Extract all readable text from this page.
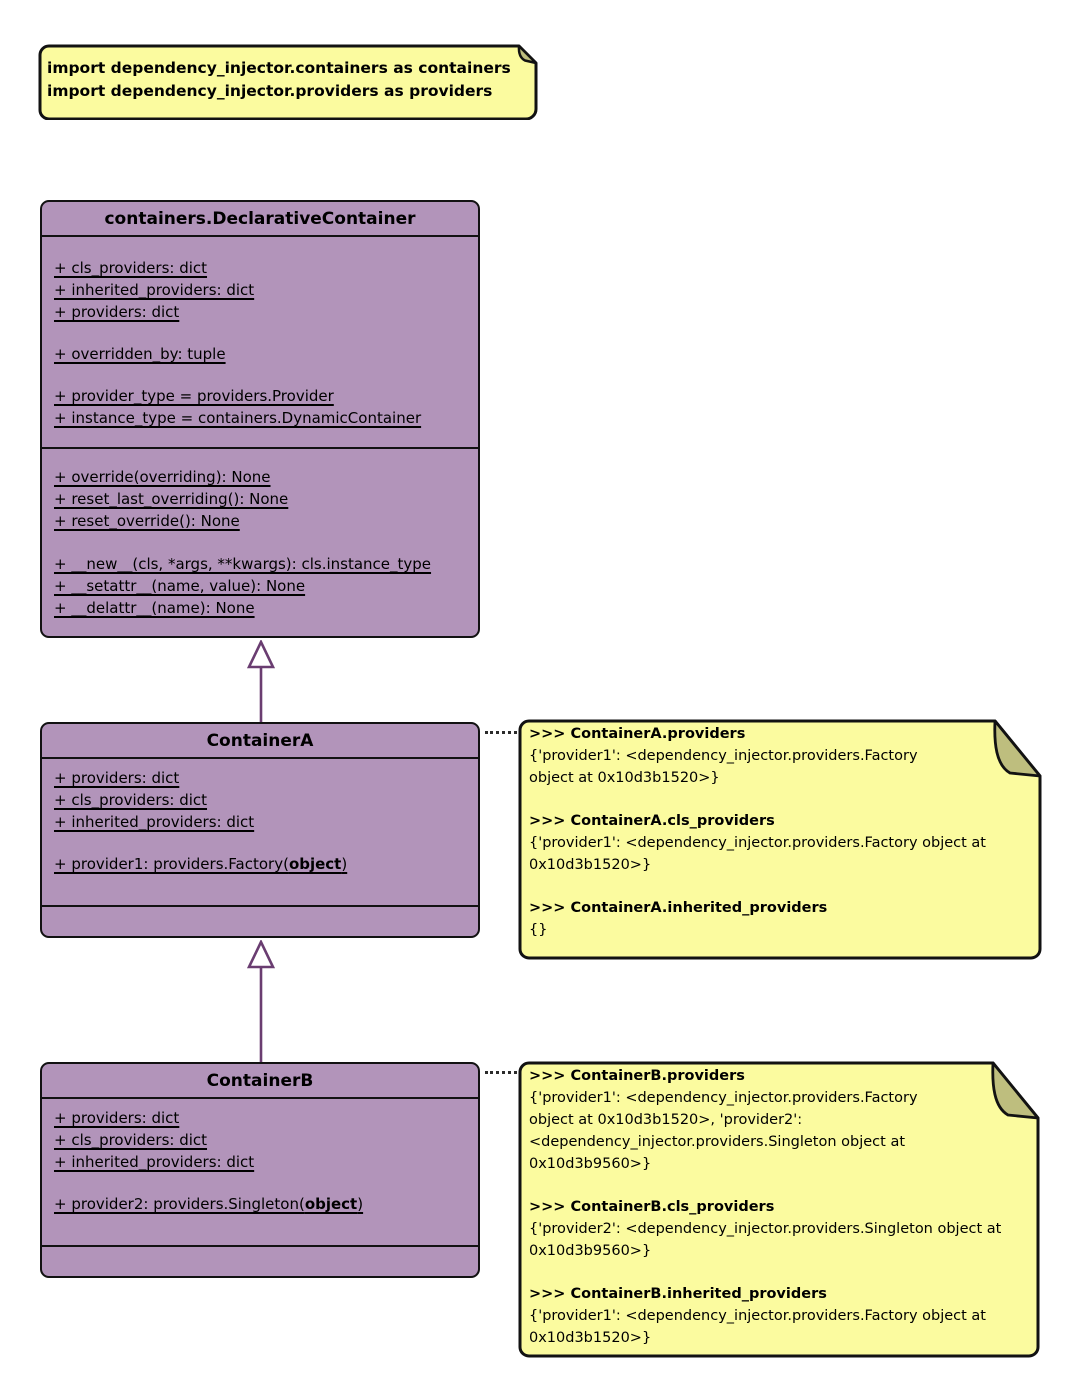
import dependency_injector.containers as containers
import dependency_injector.providers as providers
containers.DeclarativeContainer
+ cls_providers: dict
+ inherited_providers: dict
+ providers: dict
+ overridden_by: tuple
+ provider_type = providers.Provider
+ instance_type = containers.DynamicContainer
+ override(overriding): None
+ reset_last_overriding(): None
+ reset_override(): None
+ __new__(cls, *args, **kwargs): cls.instance_type
+ __setattr__(name, value): None
+ __delattr__(name): None
ContainerA
+ providers: dict
+ cls_providers: dict
+ inherited_providers: dict
+ provider1: providers.Factory(object)
ContainerB
+ providers: dict
+ cls_providers: dict
+ inherited_providers: dict
+ provider2: providers.Singleton(object)
>>> ContainerA.providers
{'provider1': <dependency_injector.providers.Factory
object at 0x10d3b1520>}
>>> ContainerA.cls_providers
{'provider1': <dependency_injector.providers.Factory object at
0x10d3b1520>}
>>> ContainerA.inherited_providers
{}
>>> ContainerB.providers
{'provider1': <dependency_injector.providers.Factory
object at 0x10d3b1520>, 'provider2':
<dependency_injector.providers.Singleton object at
0x10d3b9560>}
>>> ContainerB.cls_providers
{'provider2': <dependency_injector.providers.Singleton object at
0x10d3b9560>}
>>> ContainerB.inherited_providers
{'provider1': <dependency_injector.providers.Factory object at
0x10d3b1520>}
